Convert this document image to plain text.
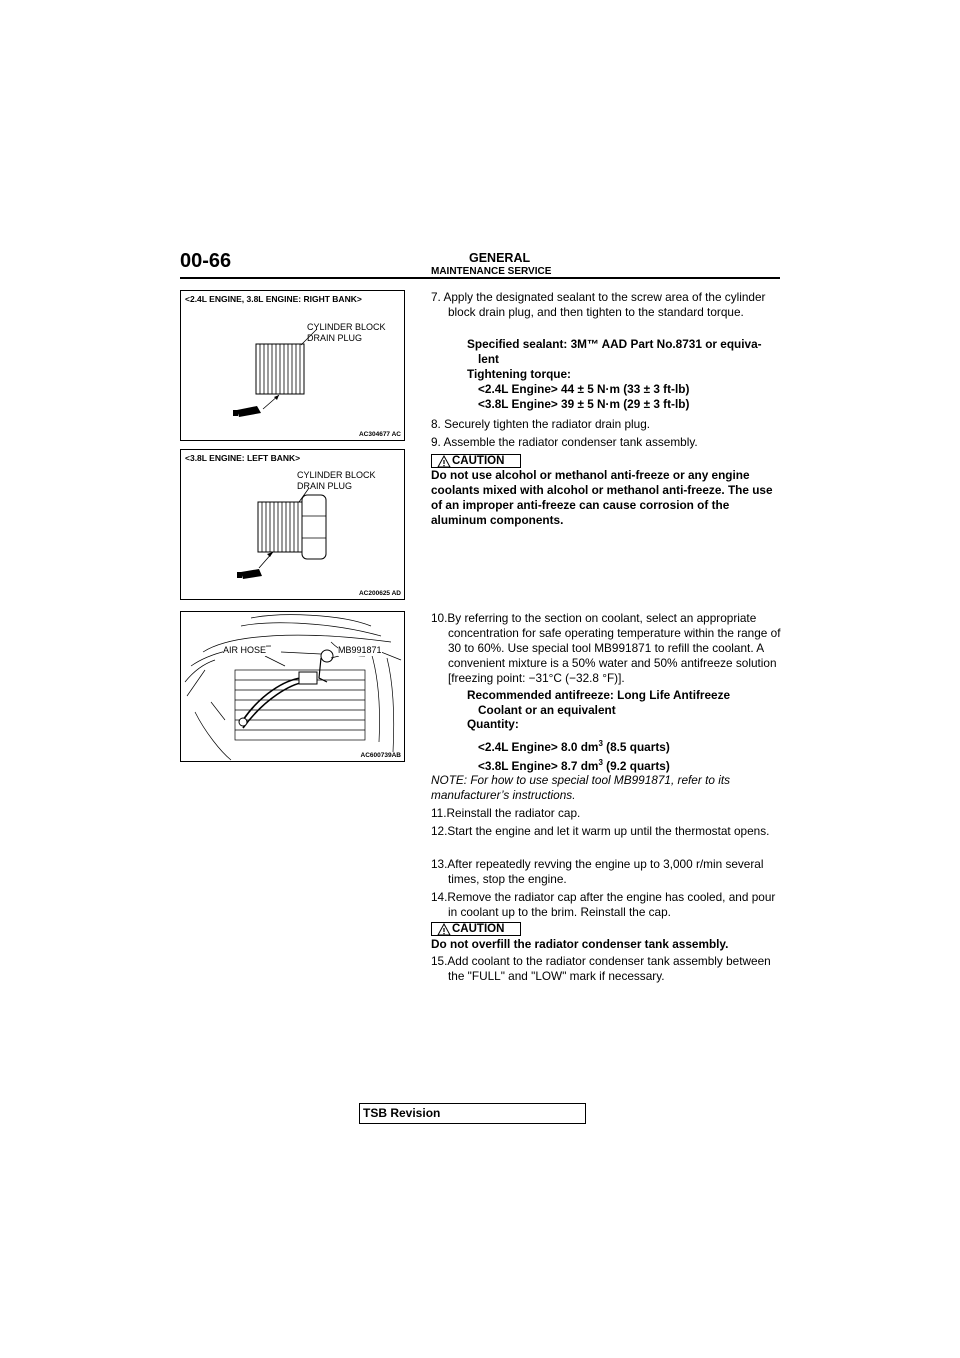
00-66	GENERAL
MAINTENANCE SERVICE
<2.4L ENGINE, 3.8L ENGINE: RIGHT BANK>
CYLINDER BLOCK
DRAIN PLUG
AC304677 AC
<3.8L ENGINE: LEFT BANK>
CYLINDER BLOCK
DRAIN PLUG
AC200625 AD
AIR HOSE	MB991871
AC600739AB
7. Apply the designated sealant to the screw area of the cylinder block drain plug, and then tighten to the standard torque.
Specified sealant: 3M™ AAD Part No.8731 or equiva-
lent
Tightening torque:
<2.4L Engine> 44 ± 5 N·m (33 ± 3 ft-lb)
<3.8L Engine> 39 ± 5 N·m (29 ± 3 ft-lb)
8. Securely tighten the radiator drain plug.
9. Assemble the radiator condenser tank assembly.
CAUTION
Do not use alcohol or methanol anti-freeze or any engine coolants mixed with alcohol or methanol anti-freeze. The use of an improper anti-freeze can cause corrosion of the aluminum components.
10.By referring to the section on coolant, select an appropriate concentration for safe operating temperature within the range of 30 to 60%. Use special tool MB991871 to refill the coolant. A convenient mixture is a 50% water and 50% antifreeze solution [freezing point: −31°C (−32.8 °F)].
Recommended antifreeze: Long Life Antifreeze
Coolant or an equivalent
Quantity:
<2.4L Engine> 8.0 $dm^3$ (8.5 quarts)
<3.8L Engine> 8.7 $dm^3$ (9.2 quarts)
NOTE: For how to use special tool MB991871, refer to its manufacturer’s instructions.
11.Reinstall the radiator cap.
12.Start the engine and let it warm up until the thermostat opens.
13.After repeatedly revving the engine up to 3,000 r/min several times, stop the engine.
14.Remove the radiator cap after the engine has cooled, and pour in coolant up to the brim. Reinstall the cap.
CAUTION
Do not overfill the radiator condenser tank assembly.
15.Add coolant to the radiator condenser tank assembly between the "FULL" and "LOW" mark if necessary.
TSB Revision
